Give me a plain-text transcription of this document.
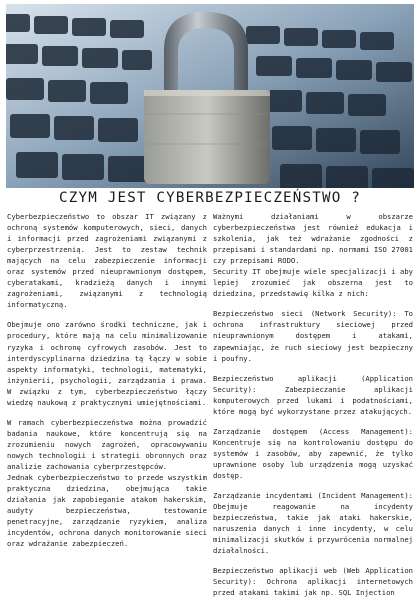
CZYM JEST CYBERBEZPIECZEŃSTWO ?

Cyberbezpieczeństwo to obszar IT związany z ochroną systemów komputerowych, sieci, danych i informacji przed zagrożeniami związanymi z cyberprzestrzenią. Jest to zestaw technik mających na celu zabezpieczenie informacji oraz systemów przed nieuprawnionym dostępem, cyberatakami, kradzieżą danych i innymi zagrożeniami, związanymi z technologią informatyczną.

Obejmuje ono zarówno środki techniczne, jak i procedury, które mają na celu minimalizowanie ryzyka i ochronę cyfrowych zasobów. Jest to interdyscyplinarna dziedzina tą łączy w sobie aspekty informatyki, technologii, matematyki, inżynierii, psychologii, zarządzania i prawa. W związku z tym, cyberbezpieczeństwo łączy wiedzę naukową z praktycznymi umiejętnościami.

W ramach cyberbezpieczeństwa można prowadzić badania naukowe, które koncentrują się na zrozumieniu nowych zagrożeń, opracowywaniu nowych technologii i strategii obronnych oraz analizie zachowania cyberprzestępców.

Jednak cyberbezpieczeństwo to przede wszystkim praktyczna dziedzina, obejmująca takie działania jak zapobieganie atakom hakerskim, audyty bezpieczeństwa, testowanie penetracyjne, zarządzanie ryzykiem, analiza incydentów, ochrona danych monitorowanie sieci oraz wdrażanie zabezpieczeń.

Ważnymi działaniami w obszarze cyberbezpieczeństwa jest również edukacja i szkolenia, jak też wdrażanie zgodności z przepisami i standardami np. normami ISO 27001 czy przepisami RODO.

Security IT obejmuje wiele specjalizacji i aby lepiej zrozumieć jak obszerna jest to dziedzina, przedstawię kilka z nich:

Bezpieczeństwo sieci (Network Security): To ochrona infrastruktury sieciowej przed nieuprawnionym dostępem i atakami, zapewniając, że ruch sieciowy jest bezpieczny i poufny.

Bezpieczeństwo aplikacji (Application Security): Zabezpieczanie aplikacji komputerowych przed lukami i podatnościami, które mogą być wykorzystane przez atakujących.

Zarządzanie dostępem (Access Management): Koncentruje się na kontrolowaniu dostępu do systemów i zasobów, aby zapewnić, że tylko uprawnione osoby lub urządzenia mogą uzyskać dostęp.

Zarządzanie incydentami (Incident Management): Obejmuje reagowanie na incydenty bezpieczeństwa, takie jak ataki hakerskie, naruszenia danych i inne incydenty, w celu minimalizacji skutków i przywrócenia normalnej działalności.

Bezpieczeństwo aplikacji web (Web Application Security): Ochrona aplikacji internetowych przed atakami takimi jak np. SQL Injection
